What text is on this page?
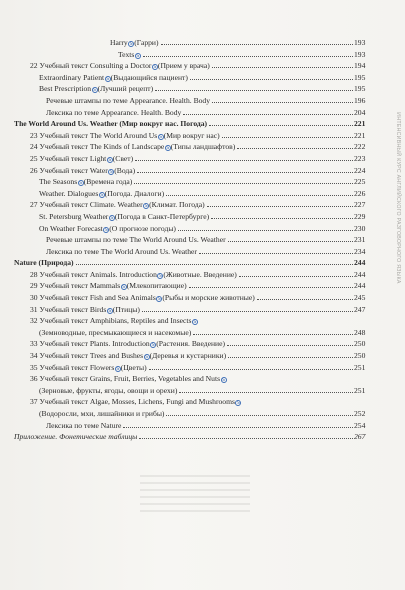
Harry S (Гарри)	193
Texts S	193
22 Учебный текст Consulting a Doctor S (Прием у врача)	194
Extraordinary Patient S (Выдающийся пациент)	195
Best Prescription S (Лучший рецепт)	195
Речевые штампы по теме Appearance. Health. Body	196
Лексика по теме Appearance. Health. Body	204
The World Around Us. Weather (Мир вокруг нас. Погода)	221
23 Учебный текст The World Around Us S (Мир вокруг нас)	221
24 Учебный текст The Kinds of Landscape S (Типы ландшафтов)	222
25 Учебный текст Light S (Свет)	223
26 Учебный текст Water S (Вода)	224
The Seasons S (Времена года)	225
Weather. Dialogues S (Погода. Диалоги)	226
27 Учебный текст Climate. Weather S (Климат. Погода)	227
St. Petersburg Weather S (Погода в Санкт-Петербурге)	229
On Weather Forecast S (О прогнозе погоды)	230
Речевые штампы по теме The World Around Us. Weather	231
Лексика по теме The World Around Us. Weather	234
Nature (Природа)	244
28 Учебный текст Animals. Introduction S (Животные. Введение)	244
29 Учебный текст Mammals S (Млекопитающие)	244
30 Учебный текст Fish and Sea Animals S (Рыбы и морские животные)	245
31 Учебный текст Birds S (Птицы)	247
32 Учебный текст Amphibians, Reptiles and Insects S
(Земноводные, пресмыкающиеся и насекомые)	248
33 Учебный текст Plants. Introduction S (Растения. Введение)	250
34 Учебный текст Trees and Bushes S (Деревья и кустарники)	250
35 Учебный текст Flowers S (Цветы)	251
36 Учебный текст Grains, Fruit, Berries, Vegetables and Nuts S
(Зерновые, фрукты, ягоды, овощи и орехи)	251
37 Учебный текст Algae, Mosses, Lichens, Fungi and Mushrooms S
(Водоросли, мхи, лишайники и грибы)	252
Лексика по теме Nature	254
Приложение. Фонетические таблицы	267
ИНТЕНСИВНЫЙ КУРС АНГЛИЙСКОГО РАЗГОВОРНОГО ЯЗЫКА
